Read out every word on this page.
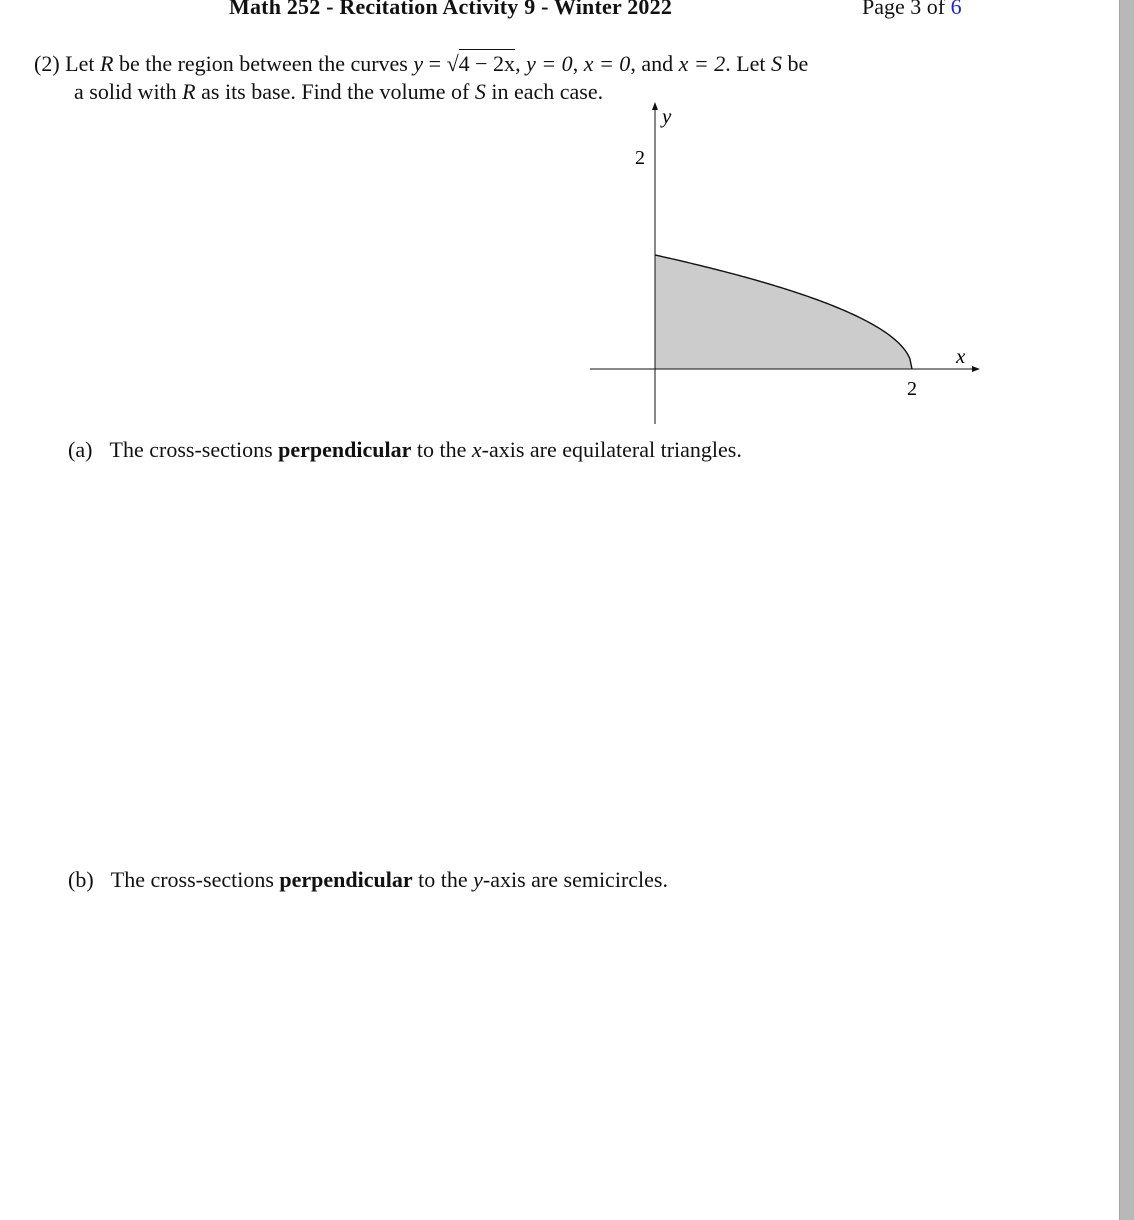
Math 252 - Recitation Activity 9 - Winter 2022	Page 3 of 6
(2) Let R be the region between the curves y = √4 − 2x, y = 0, x = 0, and x = 2. Let S be
a solid with R as its base. Find the volume of S in each case.
y
x
2
2
(a) The cross-sections perpendicular to the x-axis are equilateral triangles.
(b) The cross-sections perpendicular to the y-axis are semicircles.
